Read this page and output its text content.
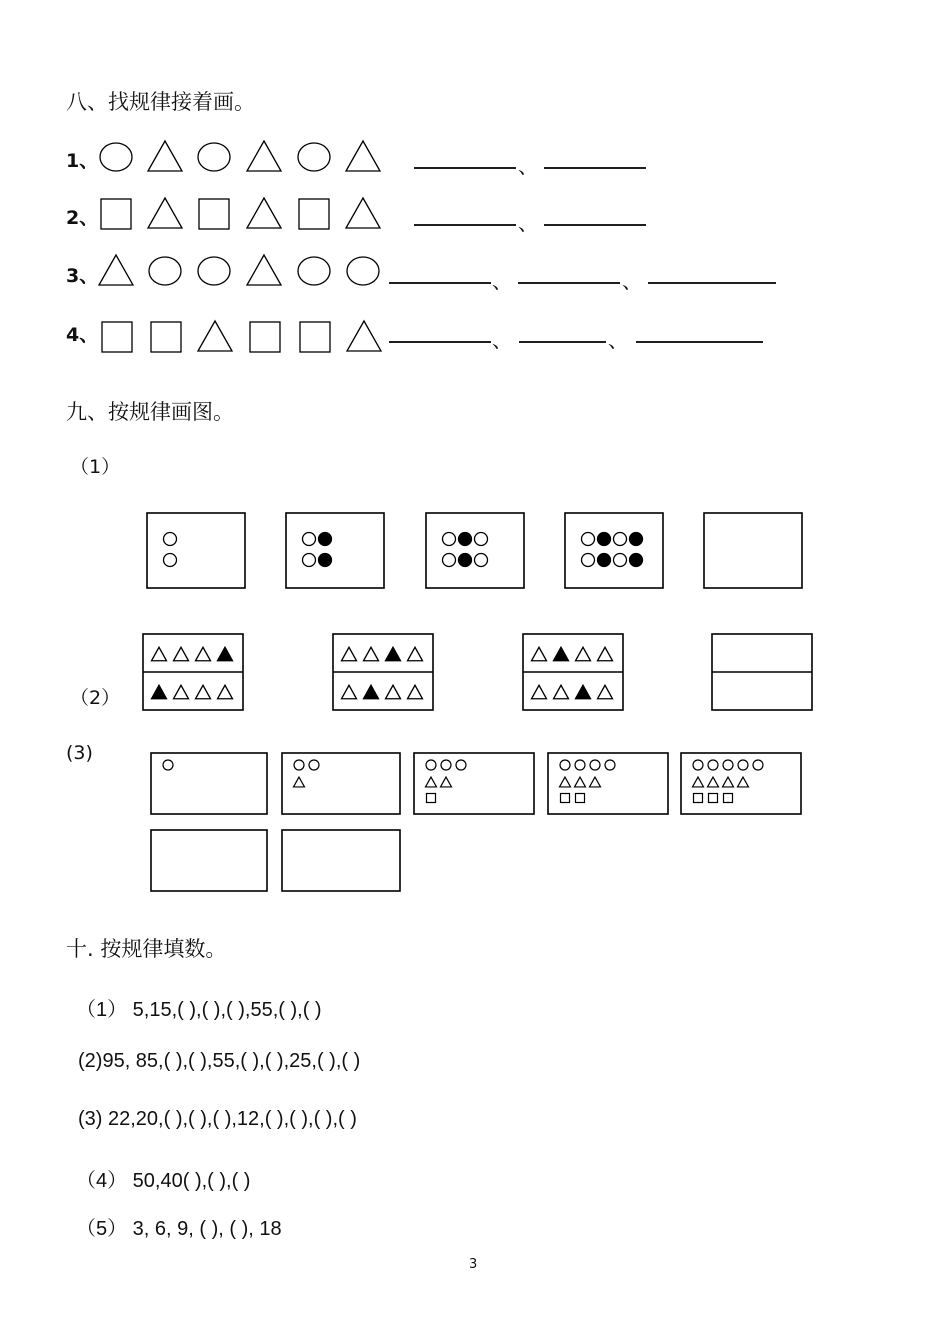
八、找规律接着画。
1、
2、
3、
4、
、
、
、	、
、	、
九、按规律画图。
（1）
（2）
(3)
十. 按规律填数。
（1） 5,15,( ),( ),( ),55,( ),( )
(2)95, 85,( ),( ),55,( ),( ),25,( ),( )
(3) 22,20,( ),( ),( ),12,( ),( ),( ),( )
（4） 50,40( ),( ),( )
（5） 3, 6, 9, ( ), ( ), 18
3
